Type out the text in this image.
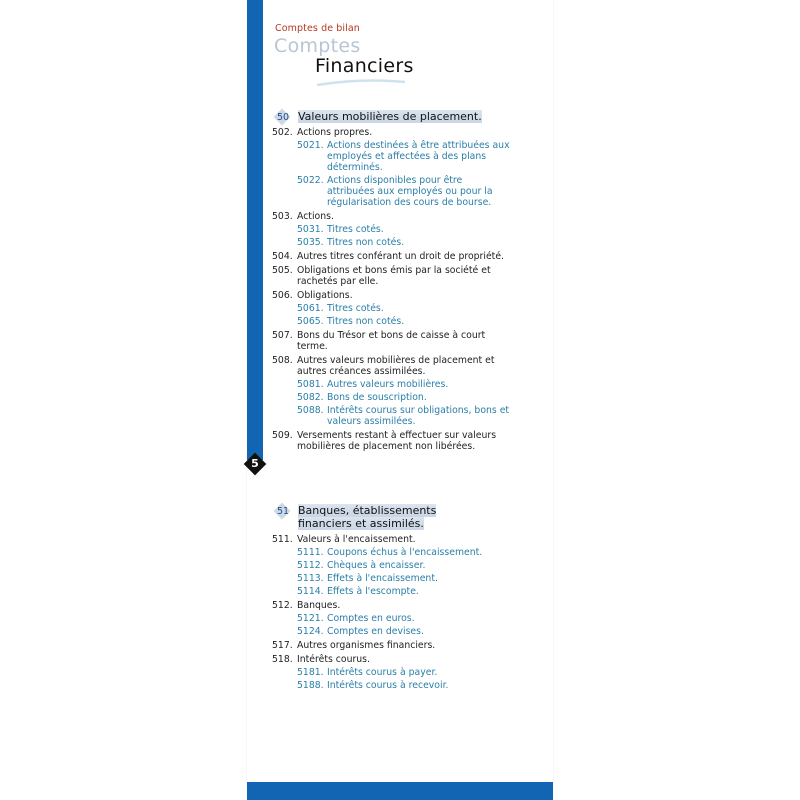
5
Comptes de bilan
Comptes
Financiers
50 Valeurs mobilières de placement.
502. Actions propres.
5021. Actions destinées à être attribuées aux employés et affectées à des plans déterminés.
5022. Actions disponibles pour être attribuées aux employés ou pour la régularisation des cours de bourse.
503. Actions.
5031. Titres cotés.
5035. Titres non cotés.
504. Autres titres conférant un droit de propriété.
505. Obligations et bons émis par la société et rachetés par elle.
506. Obligations.
5061. Titres cotés.
5065. Titres non cotés.
507. Bons du Trésor et bons de caisse à court terme.
508. Autres valeurs mobilières de placement et autres créances assimilées.
5081. Autres valeurs mobilières.
5082. Bons de souscription.
5088. Intérêts courus sur obligations, bons et valeurs assimilées.
509. Versements restant à effectuer sur valeurs mobilières de placement non libérées.
51 Banques, établissements financiers et assimilés.
511. Valeurs à l'encaissement.
5111. Coupons échus à l'encaissement.
5112. Chèques à encaisser.
5113. Effets à l'encaissement.
5114. Effets à l'escompte.
512. Banques.
5121. Comptes en euros.
5124. Comptes en devises.
517. Autres organismes financiers.
518. Intérêts courus.
5181. Intérêts courus à payer.
5188. Intérêts courus à recevoir.
